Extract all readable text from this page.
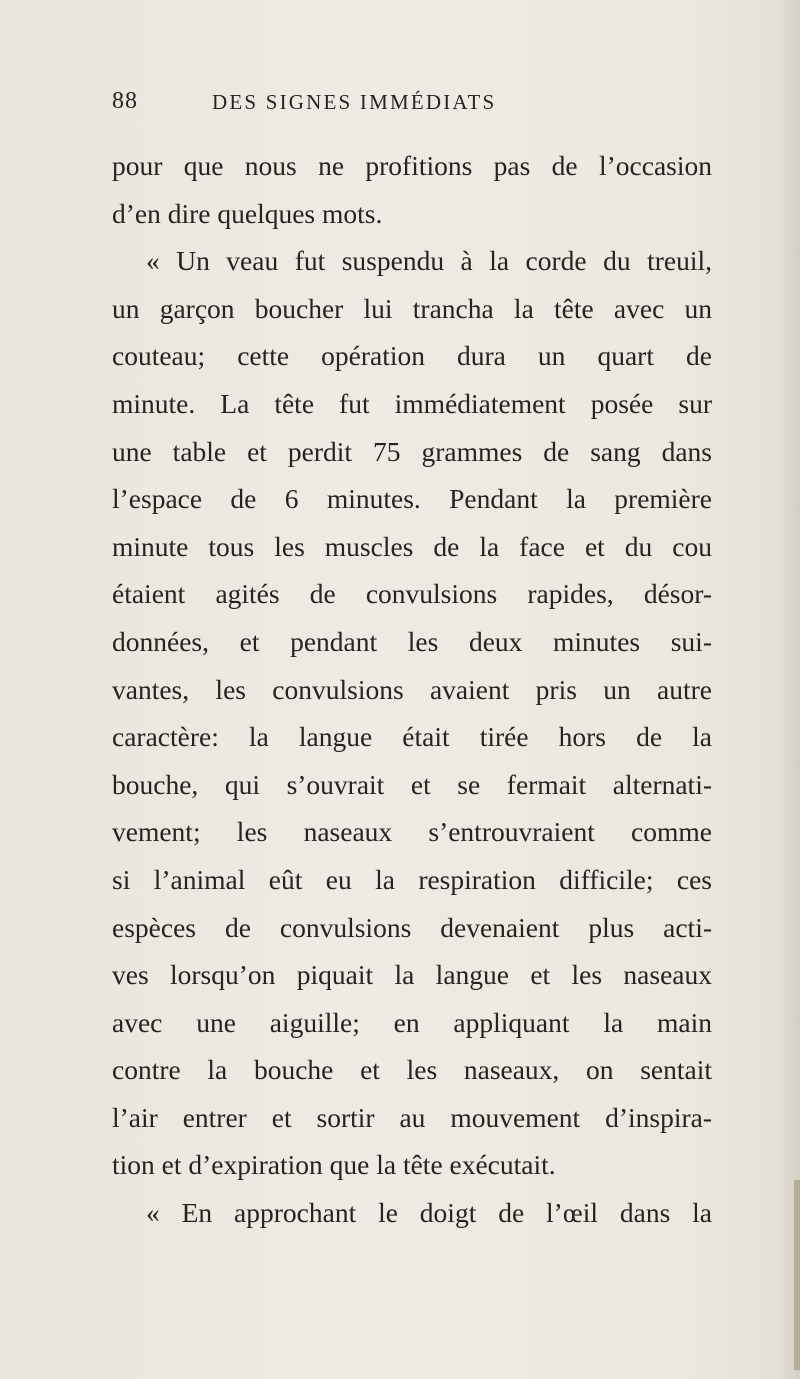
88	DES SIGNES IMMÉDIATS
pour que nous ne profitions pas de l’occasion
d’en dire quelques mots.
« Un veau fut suspendu à la corde du treuil,
un garçon boucher lui trancha la tête avec un
couteau; cette opération dura un quart de
minute. La tête fut immédiatement posée sur
une table et perdit 75 grammes de sang dans
l’espace de 6 minutes. Pendant la première
minute tous les muscles de la face et du cou
étaient agités de convulsions rapides, désor-
données, et pendant les deux minutes sui-
vantes, les convulsions avaient pris un autre
caractère: la langue était tirée hors de la
bouche, qui s’ouvrait et se fermait alternati-
vement; les naseaux s’entrouvraient comme
si l’animal eût eu la respiration difficile; ces
espèces de convulsions devenaient plus acti-
ves lorsqu’on piquait la langue et les naseaux
avec une aiguille; en appliquant la main
contre la bouche et les naseaux, on sentait
l’air entrer et sortir au mouvement d’inspira-
tion et d’expiration que la tête exécutait.
« En approchant le doigt de l’œil dans la
